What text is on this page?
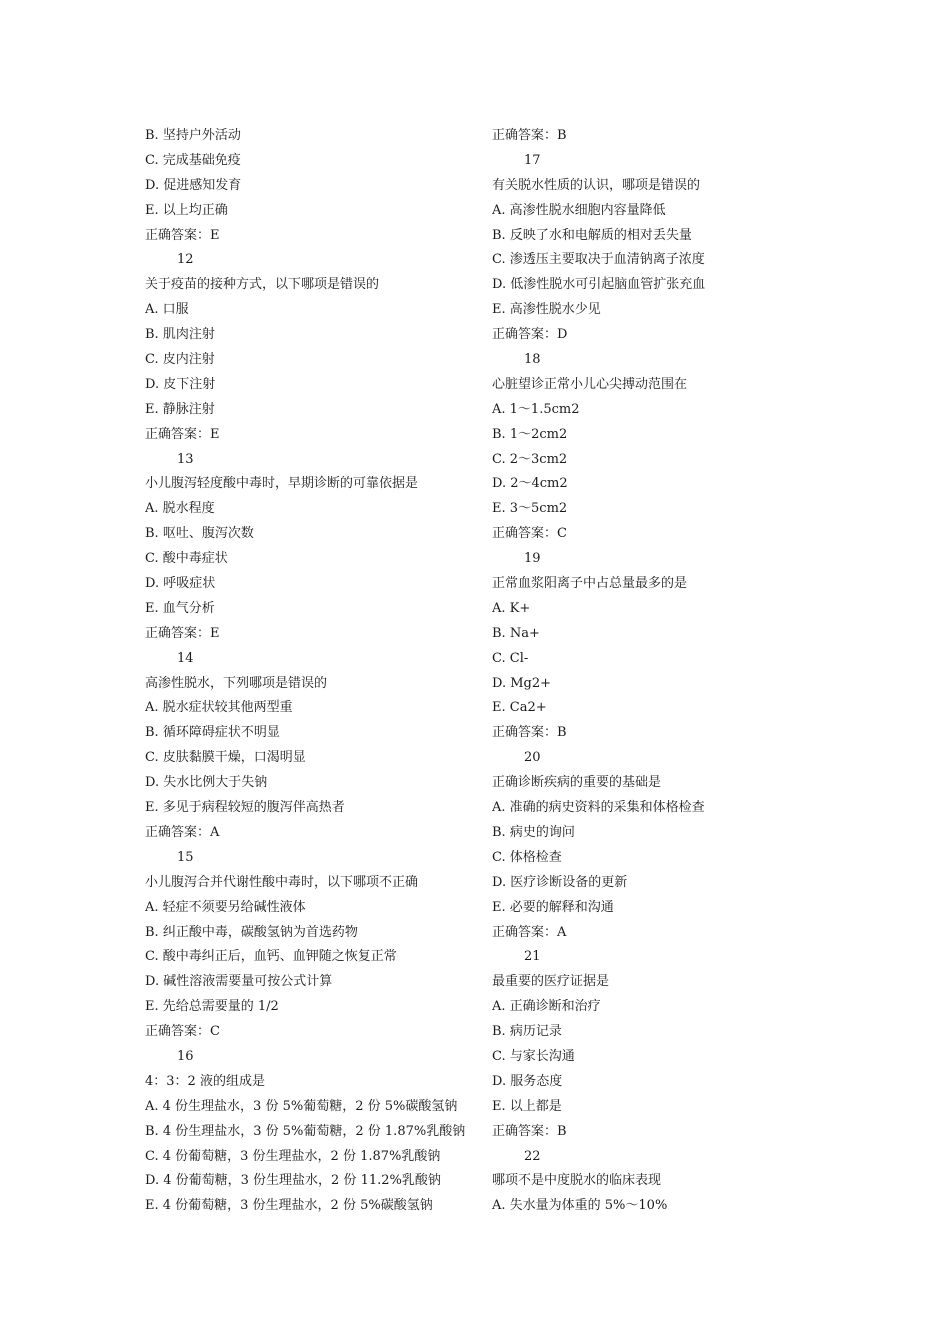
B. 坚持户外活动
C. 完成基础免疫
D. 促进感知发育
E. 以上均正确
正确答案：E
12
关于疫苗的接种方式，以下哪项是错误的
A. 口服
B. 肌肉注射
C. 皮内注射
D. 皮下注射
E. 静脉注射
正确答案：E
13
小儿腹泻轻度酸中毒时，早期诊断的可靠依据是
A. 脱水程度
B. 呕吐、腹泻次数
C. 酸中毒症状
D. 呼吸症状
E. 血气分析
正确答案：E
14
高渗性脱水，下列哪项是错误的
A. 脱水症状较其他两型重
B. 循环障碍症状不明显
C. 皮肤黏膜干燥，口渴明显
D. 失水比例大于失钠
E. 多见于病程较短的腹泻伴高热者
正确答案：A
15
小儿腹泻合并代谢性酸中毒时，以下哪项不正确
A. 轻症不须要另给碱性液体
B. 纠正酸中毒，碳酸氢钠为首选药物
C. 酸中毒纠正后，血钙、血钾随之恢复正常
D. 碱性溶液需要量可按公式计算
E. 先给总需要量的 1/2
正确答案：C
16
4：3：2 液的组成是
A. 4 份生理盐水，3 份 5%葡萄糖，2 份 5%碳酸氢钠
B. 4 份生理盐水，3 份 5%葡萄糖，2 份 1.87%乳酸钠
C. 4 份葡萄糖，3 份生理盐水，2 份 1.87%乳酸钠
D. 4 份葡萄糖，3 份生理盐水，2 份 11.2%乳酸钠
E. 4 份葡萄糖，3 份生理盐水，2 份 5%碳酸氢钠
正确答案：B
17
有关脱水性质的认识，哪项是错误的
A. 高渗性脱水细胞内容量降低
B. 反映了水和电解质的相对丢失量
C. 渗透压主要取决于血清钠离子浓度
D. 低渗性脱水可引起脑血管扩张充血
E. 高渗性脱水少见
正确答案：D
18
心脏望诊正常小儿心尖搏动范围在
A. 1～1.5cm2
B. 1～2cm2
C. 2～3cm2
D. 2～4cm2
E. 3～5cm2
正确答案：C
19
正常血浆阳离子中占总量最多的是
A. K+
B. Na+
C. Cl-
D. Mg2+
E. Ca2+
正确答案：B
20
正确诊断疾病的重要的基础是
A. 准确的病史资料的采集和体格检查
B. 病史的询问
C. 体格检查
D. 医疗诊断设备的更新
E. 必要的解释和沟通
正确答案：A
21
最重要的医疗证据是
A. 正确诊断和治疗
B. 病历记录
C. 与家长沟通
D. 服务态度
E. 以上都是
正确答案：B
22
哪项不是中度脱水的临床表现
A. 失水量为体重的 5%～10%
